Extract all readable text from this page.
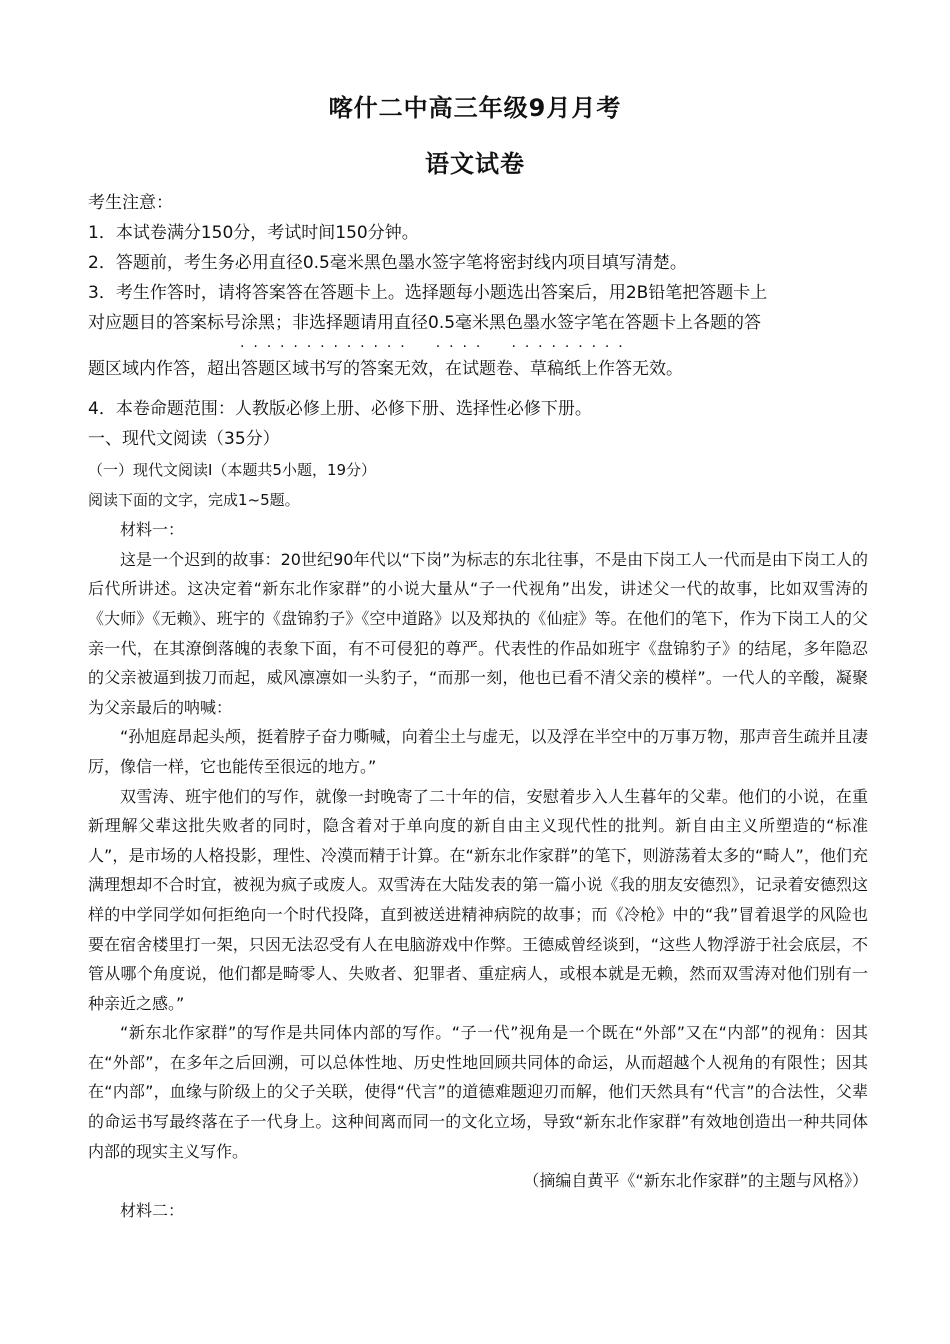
喀什二中高三年级9月月考
语文试卷

考生注意：

1．本试卷满分150分，考试时间150分钟。

2．答题前，考生务必用直径0.5毫米黑色墨水签字笔将密封线内项目填写清楚。

3．考生作答时，请将答案答在答题卡上。选择题每小题选出答案后，用2B铅笔把答题卡上

对应题目的答案标号涂黑；非选择题请用直径0.5毫米黑色墨水签字笔在答题卡上各题的答

·  ·  ·  ·  ·  ·  ·  ·  ·  ·  ·  ·  ·       ·  ·  ·  ·       ·  ·  ·  ·  ·  ·  ·  ·  ·

题区域内作答，超出答题区域书写的答案无效，在试题卷、草稿纸上作答无效。

4．本卷命题范围：人教版必修上册、必修下册、选择性必修下册。

一、现代文阅读（35分）

（一）现代文阅读Ⅰ（本题共5小题，19分）

阅读下面的文字，完成1~5题。

材料一：

这是一个迟到的故事：20世纪90年代以“下岗”为标志的东北往事，不是由下岗工人一代而是由下岗工人的后代所讲述。这决定着“新东北作家群”的小说大量从“子一代视角”出发，讲述父一代的故事，比如双雪涛的《大师》《无赖》、班宇的《盘锦豹子》《空中道路》以及郑执的《仙症》等。在他们的笔下，作为下岗工人的父亲一代，在其潦倒落魄的表象下面，有不可侵犯的尊严。代表性的作品如班宇《盘锦豹子》的结尾，多年隐忍的父亲被逼到拔刀而起，威风凛凛如一头豹子，“而那一刻，他也已看不清父亲的模样”。一代人的辛酸，凝聚为父亲最后的呐喊：

“孙旭庭昂起头颅，挺着脖子奋力嘶喊，向着尘土与虚无，以及浮在半空中的万事万物，那声音生疏并且凄厉，像信一样，它也能传至很远的地方。”

双雪涛、班宇他们的写作，就像一封晚寄了二十年的信，安慰着步入人生暮年的父辈。他们的小说，在重新理解父辈这批失败者的同时，隐含着对于单向度的新自由主义现代性的批判。新自由主义所塑造的“标准人”，是市场的人格投影，理性、冷漠而精于计算。在“新东北作家群”的笔下，则游荡着太多的“畸人”，他们充满理想却不合时宜，被视为疯子或废人。双雪涛在大陆发表的第一篇小说《我的朋友安德烈》，记录着安德烈这样的中学同学如何拒绝向一个时代投降，直到被送进精神病院的故事；而《冷枪》中的“我”冒着退学的风险也要在宿舍楼里打一架，只因无法忍受有人在电脑游戏中作弊。王德威曾经谈到，“这些人物浮游于社会底层，不管从哪个角度说，他们都是畸零人、失败者、犯罪者、重症病人，或根本就是无赖，然而双雪涛对他们别有一种亲近之感。”

“新东北作家群”的写作是共同体内部的写作。“子一代”视角是一个既在“外部”又在“内部”的视角：因其在“外部”，在多年之后回溯，可以总体性地、历史性地回顾共同体的命运，从而超越个人视角的有限性；因其在“内部”，血缘与阶级上的父子关联，使得“代言”的道德难题迎刃而解，他们天然具有“代言”的合法性，父辈的命运书写最终落在子一代身上。这种间离而同一的文化立场，导致“新东北作家群”有效地创造出一种共同体内部的现实主义写作。

（摘编自黄平《“新东北作家群”的主题与风格》）

材料二：
